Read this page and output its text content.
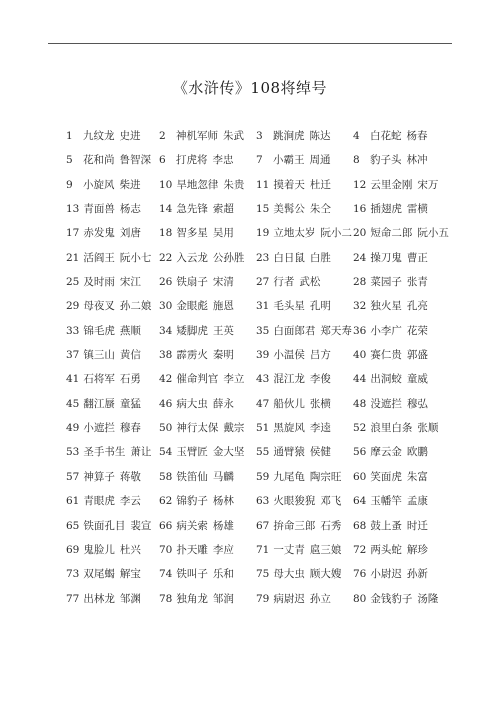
《水浒传》108将绰号
1 九纹龙 史进	2 神机军师 朱武	3 跳涧虎 陈达	4 白花蛇 杨春
5 花和尚 鲁智深 6 打虎将 李忠	7 小霸王 周通	8 豹子头 林冲
9 小旋风 柴进	10 旱地忽律 朱贵	11 摸着天 杜迁	12 云里金刚 宋万
13 青面兽 杨志	14 急先锋 索超	15 美髯公 朱仝	16 插翅虎 雷横
17 赤发鬼 刘唐	18 智多星 吴用	19 立地太岁 阮小二 20 短命二郎 阮小五
21 活阎王 阮小七 22 入云龙 公孙胜	23 白日鼠 白胜	24 操刀鬼 曹正
25 及时雨 宋江	26 铁扇子 宋清	27 行者 武松	28 菜园子 张青
29 母夜叉 孙二娘 30 金眼彪 施恩	31 毛头星 孔明	32 独火星 孔亮
33 锦毛虎 燕顺	34 矮脚虎 王英	35 白面郎君 郑天寿 36 小李广 花荣
37 镇三山 黄信	38 霹雳火 秦明	39 小温侯 吕方	40 赛仁贵 郭盛
41 石将军 石勇	42 催命判官 李立	43 混江龙 李俊	44 出洞蛟 童威
45 翻江蜃 童猛	46 病大虫 薛永	47 船伙儿 张横	48 没遮拦 穆弘
49 小遮拦 穆春	50 神行太保 戴宗	51 黑旋风 李逵	52 浪里白条 张顺
53 圣手书生 萧让 54 玉臂匠 金大坚	55 通臂猿 侯健	56 摩云金 欧鹏
57 神算子 蒋敬	58 铁笛仙 马麟	59 九尾龟 陶宗旺	60 笑面虎 朱富
61 青眼虎 李云	62 锦豹子 杨林	63 火眼狻猊 邓飞	64 玉幡竿 孟康
65 铁面孔目 裴宣 66 病关索 杨雄	67 拚命三郎 石秀	68 鼓上蚤 时迁
69 鬼脸儿 杜兴	70 扑天雕 李应	71 一丈青 扈三娘	72 两头蛇 解珍
73 双尾蝎 解宝	74 铁叫子 乐和	75 母大虫 顾大嫂	76 小尉迟 孙新
77 出林龙 邹渊	78 独角龙 邹润	79 病尉迟 孙立	80 金钱豹子 汤隆
